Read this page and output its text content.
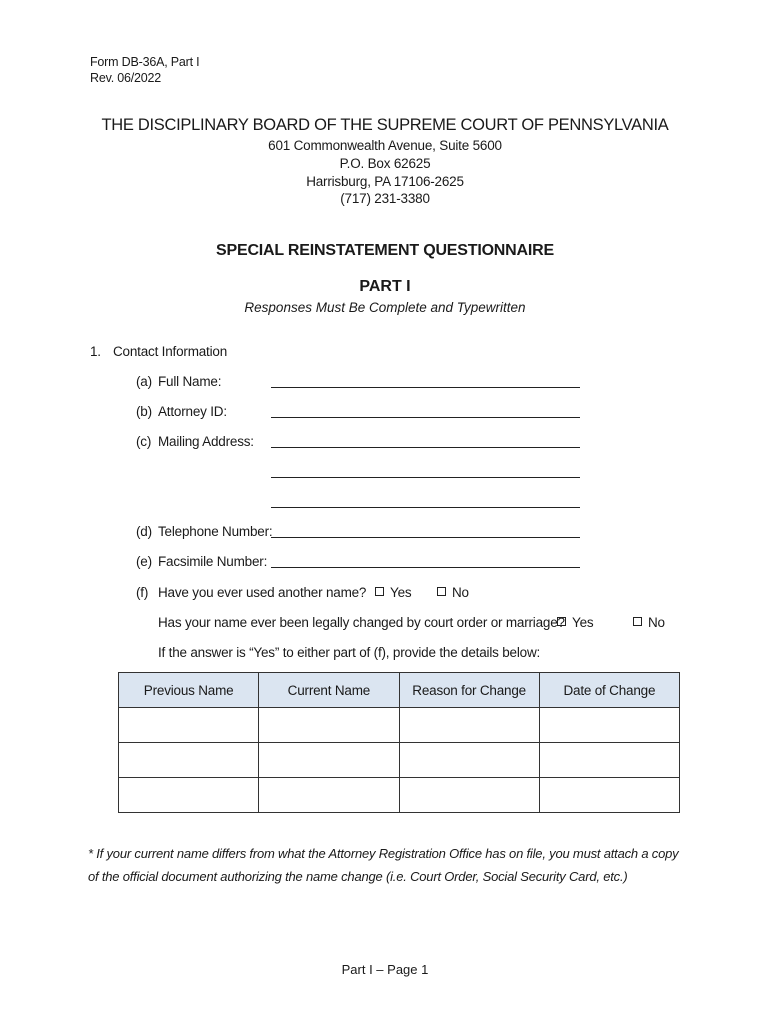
Form DB-36A, Part I
Rev. 06/2022
THE DISCIPLINARY BOARD OF THE SUPREME COURT OF PENNSYLVANIA
601 Commonwealth Avenue, Suite 5600
P.O. Box 62625
Harrisburg, PA 17106-2625
(717) 231-3380
SPECIAL REINSTATEMENT QUESTIONNAIRE
PART I
Responses Must Be Complete and Typewritten
1. Contact Information
(a) Full Name:
(b) Attorney ID:
(c) Mailing Address:
(d) Telephone Number:
(e) Facsimile Number:
(f) Have you ever used another name?	Yes	No
Has your name ever been legally changed by court order or marriage? Yes	No
If the answer is “Yes” to either part of (f), provide the details below:
Previous Name	Current Name	Reason for Change	Date of Change

* If your current name differs from what the Attorney Registration Office has on file, you must attach a copy
of the official document authorizing the name change (i.e. Court Order, Social Security Card, etc.)
Part I – Page 1
